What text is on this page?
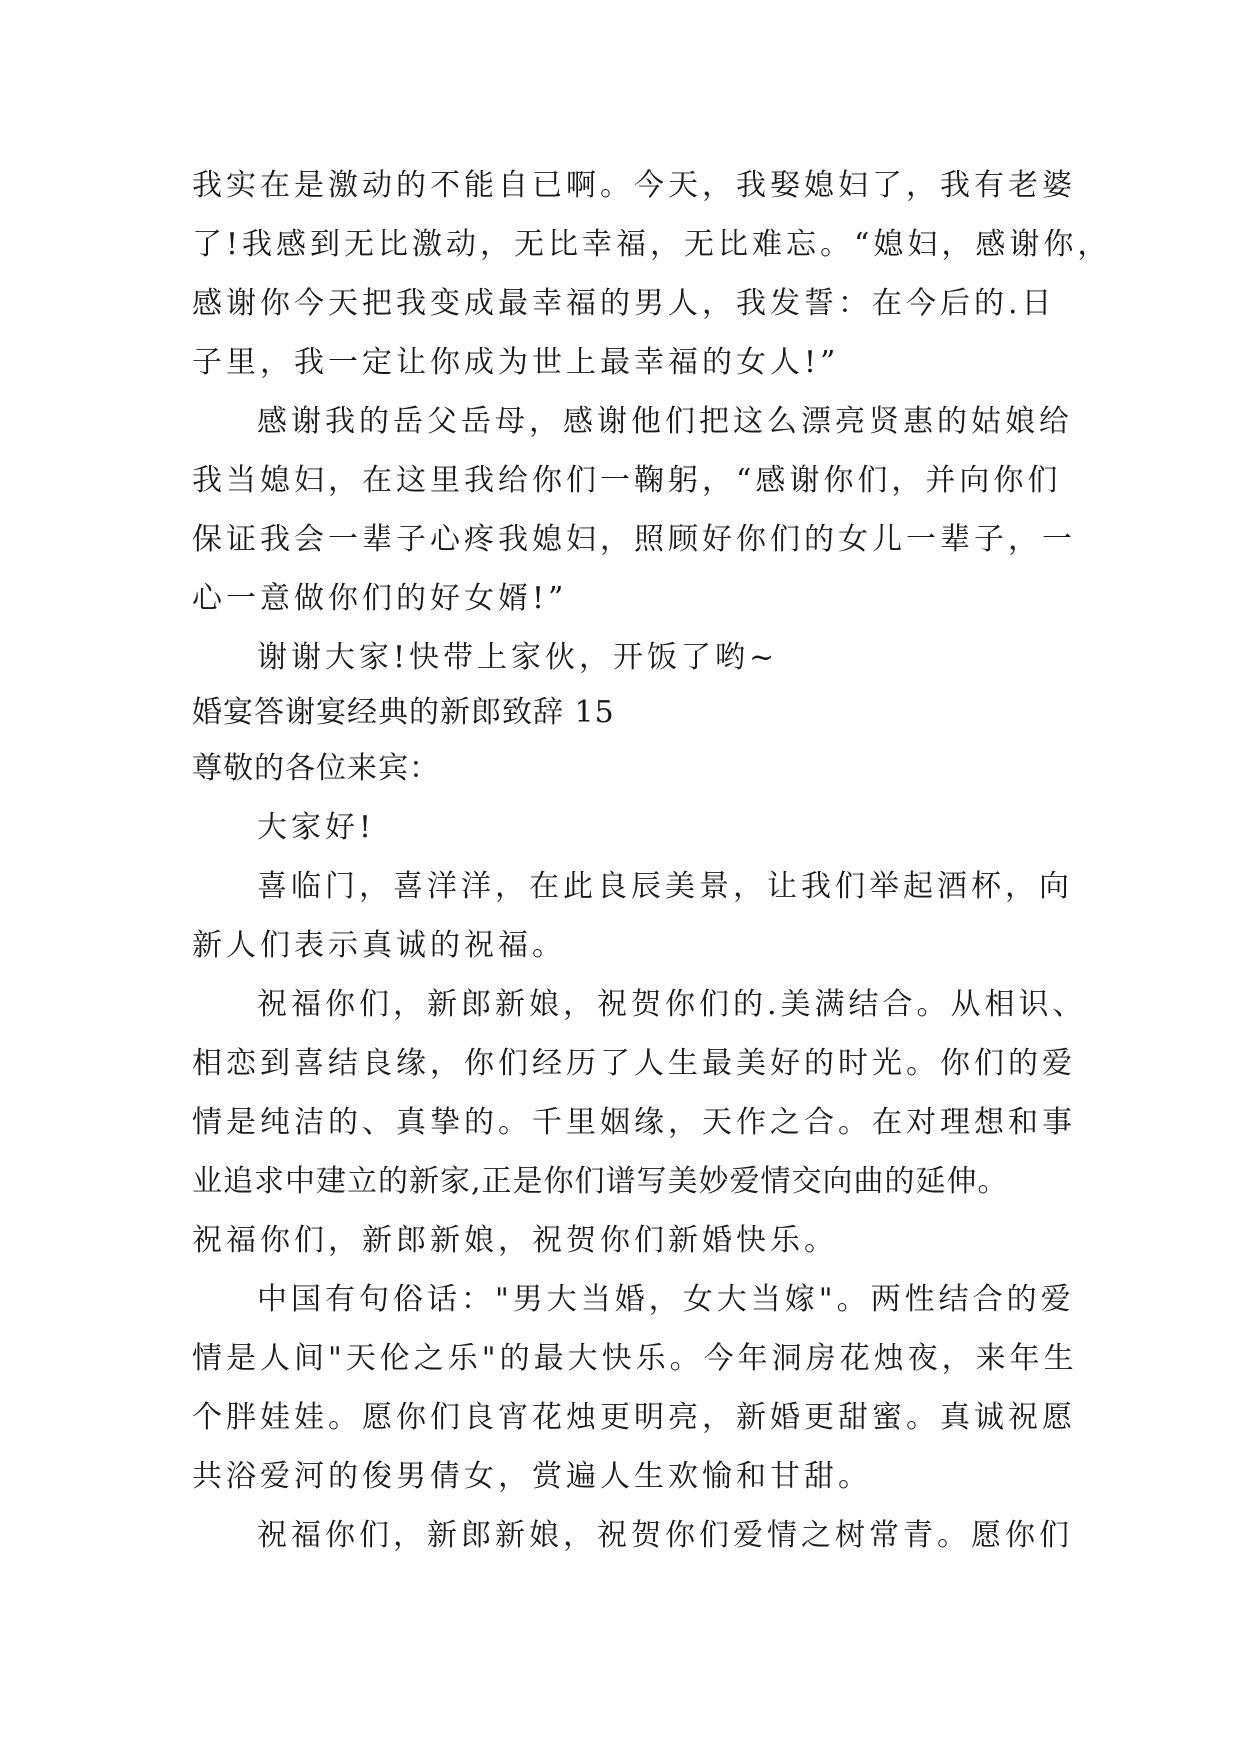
我实在是激动的不能自已啊。今天，我娶媳妇了，我有老婆
了!我感到无比激动，无比幸福，无比难忘。“媳妇，感谢你，
感谢你今天把我变成最幸福的男人，我发誓：在今后的.日
子里，我一定让你成为世上最幸福的女人!”
感谢我的岳父岳母，感谢他们把这么漂亮贤惠的姑娘给
我当媳妇，在这里我给你们一鞠躬，“感谢你们，并向你们
保证我会一辈子心疼我媳妇，照顾好你们的女儿一辈子，一
心一意做你们的好女婿!”
谢谢大家!快带上家伙，开饭了哟~
婚宴答谢宴经典的新郎致辞 15
尊敬的各位来宾：
大家好!
喜临门，喜洋洋，在此良辰美景，让我们举起酒杯，向
新人们表示真诚的祝福。
祝福你们，新郎新娘，祝贺你们的.美满结合。从相识、
相恋到喜结良缘，你们经历了人生最美好的时光。你们的爱
情是纯洁的、真挚的。千里姻缘，天作之合。在对理想和事
业追求中建立的新家,正是你们谱写美妙爱情交向曲的延伸。
祝福你们，新郎新娘，祝贺你们新婚快乐。
中国有句俗话："男大当婚，女大当嫁"。两性结合的爱
情是人间"天伦之乐"的最大快乐。今年洞房花烛夜，来年生
个胖娃娃。愿你们良宵花烛更明亮，新婚更甜蜜。真诚祝愿
共浴爱河的俊男倩女，赏遍人生欢愉和甘甜。
祝福你们，新郎新娘，祝贺你们爱情之树常青。愿你们
